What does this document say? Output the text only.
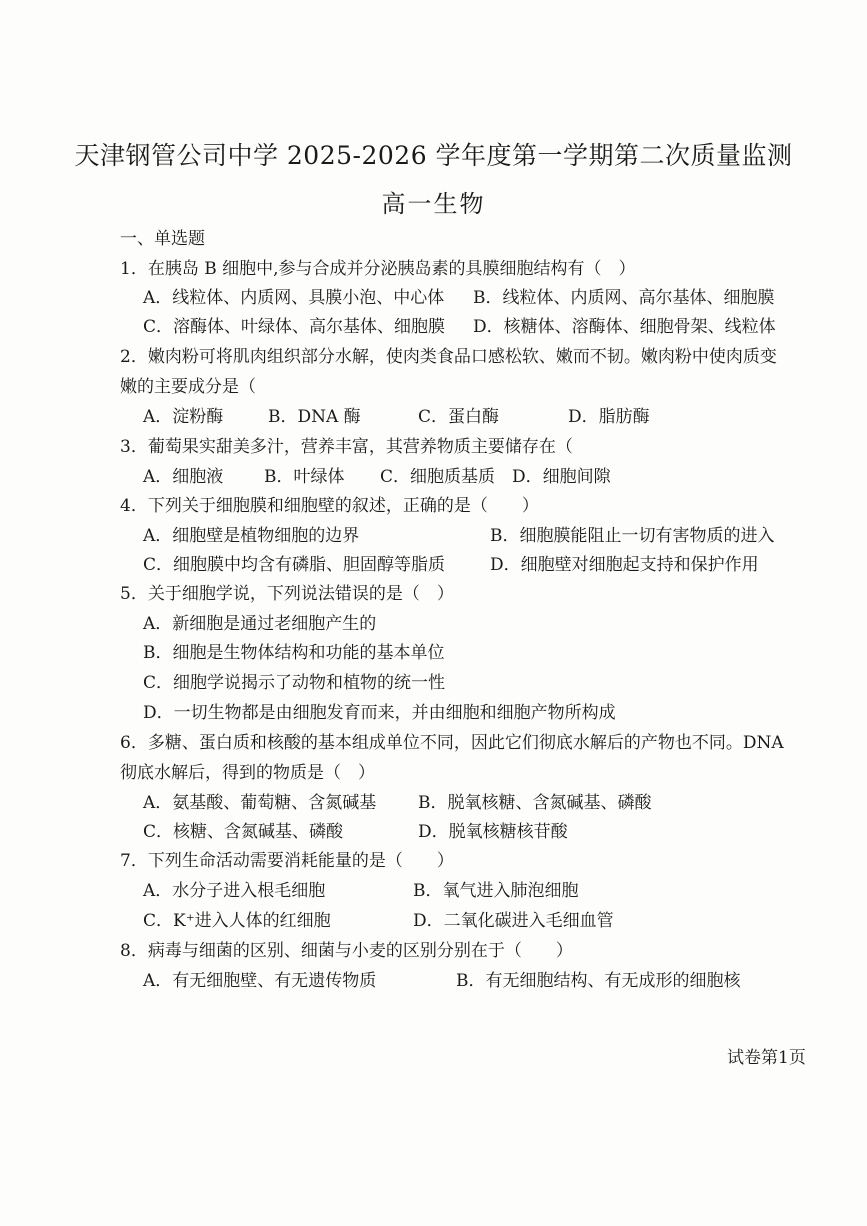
天津钢管公司中学 2025-2026 学年度第一学期第二次质量监测
高一生物
一、单选题
1．在胰岛 B 细胞中,参与合成并分泌胰岛素的具膜细胞结构有（　）
A．线粒体、内质网、具膜小泡、中心体 B．线粒体、内质网、高尔基体、细胞膜
C．溶酶体、叶绿体、高尔基体、细胞膜 D．核糖体、溶酶体、细胞骨架、线粒体
2．嫩肉粉可将肌肉组织部分水解，使肉类食品口感松软、嫩而不韧。嫩肉粉中使肉质变
嫩的主要成分是（
A．淀粉酶	B．DNA 酶	C．蛋白酶	D．脂肪酶
3．葡萄果实甜美多汁，营养丰富，其营养物质主要储存在（
A．细胞液 B．叶绿体 C．细胞质基质 D．细胞间隙
4．下列关于细胞膜和细胞壁的叙述，正确的是（　　）
A．细胞壁是植物细胞的边界	B．细胞膜能阻止一切有害物质的进入
C．细胞膜中均含有磷脂、胆固醇等脂质	D．细胞壁对细胞起支持和保护作用
5．关于细胞学说，下列说法错误的是（　）
A．新细胞是通过老细胞产生的
B．细胞是生物体结构和功能的基本单位
C．细胞学说揭示了动物和植物的统一性
D．一切生物都是由细胞发育而来，并由细胞和细胞产物所构成
6．多糖、蛋白质和核酸的基本组成单位不同，因此它们彻底水解后的产物也不同。DNA
彻底水解后，得到的物质是（　）
A．氨基酸、葡萄糖、含氮碱基 B．脱氧核糖、含氮碱基、磷酸
C．核糖、含氮碱基、磷酸	D．脱氧核糖核苷酸
7．下列生命活动需要消耗能量的是（　　）
A．水分子进入根毛细胞	B．氧气进入肺泡细胞
C．K⁺进入人体的红细胞	D．二氧化碳进入毛细血管
8．病毒与细菌的区别、细菌与小麦的区别分别在于（　　）
A．有无细胞壁、有无遗传物质	B．有无细胞结构、有无成形的细胞核
试卷第1页
